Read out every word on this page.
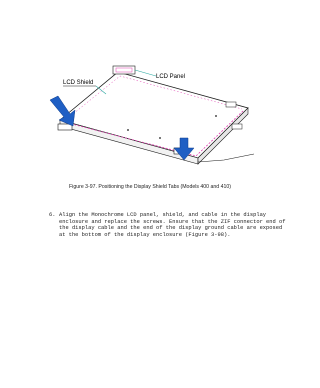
LCD Shield
LCD Panel
Figure 3-97. Positioning the Display Shield Tabs (Models 400 and 410)
6. Align the Monochrome LCD panel, shield, and cable in the display
enclosure and replace the screws. Ensure that the ZIF connector end of
the display cable and the end of the display ground cable are exposed
at the bottom of the display enclosure (Figure 3-98).
